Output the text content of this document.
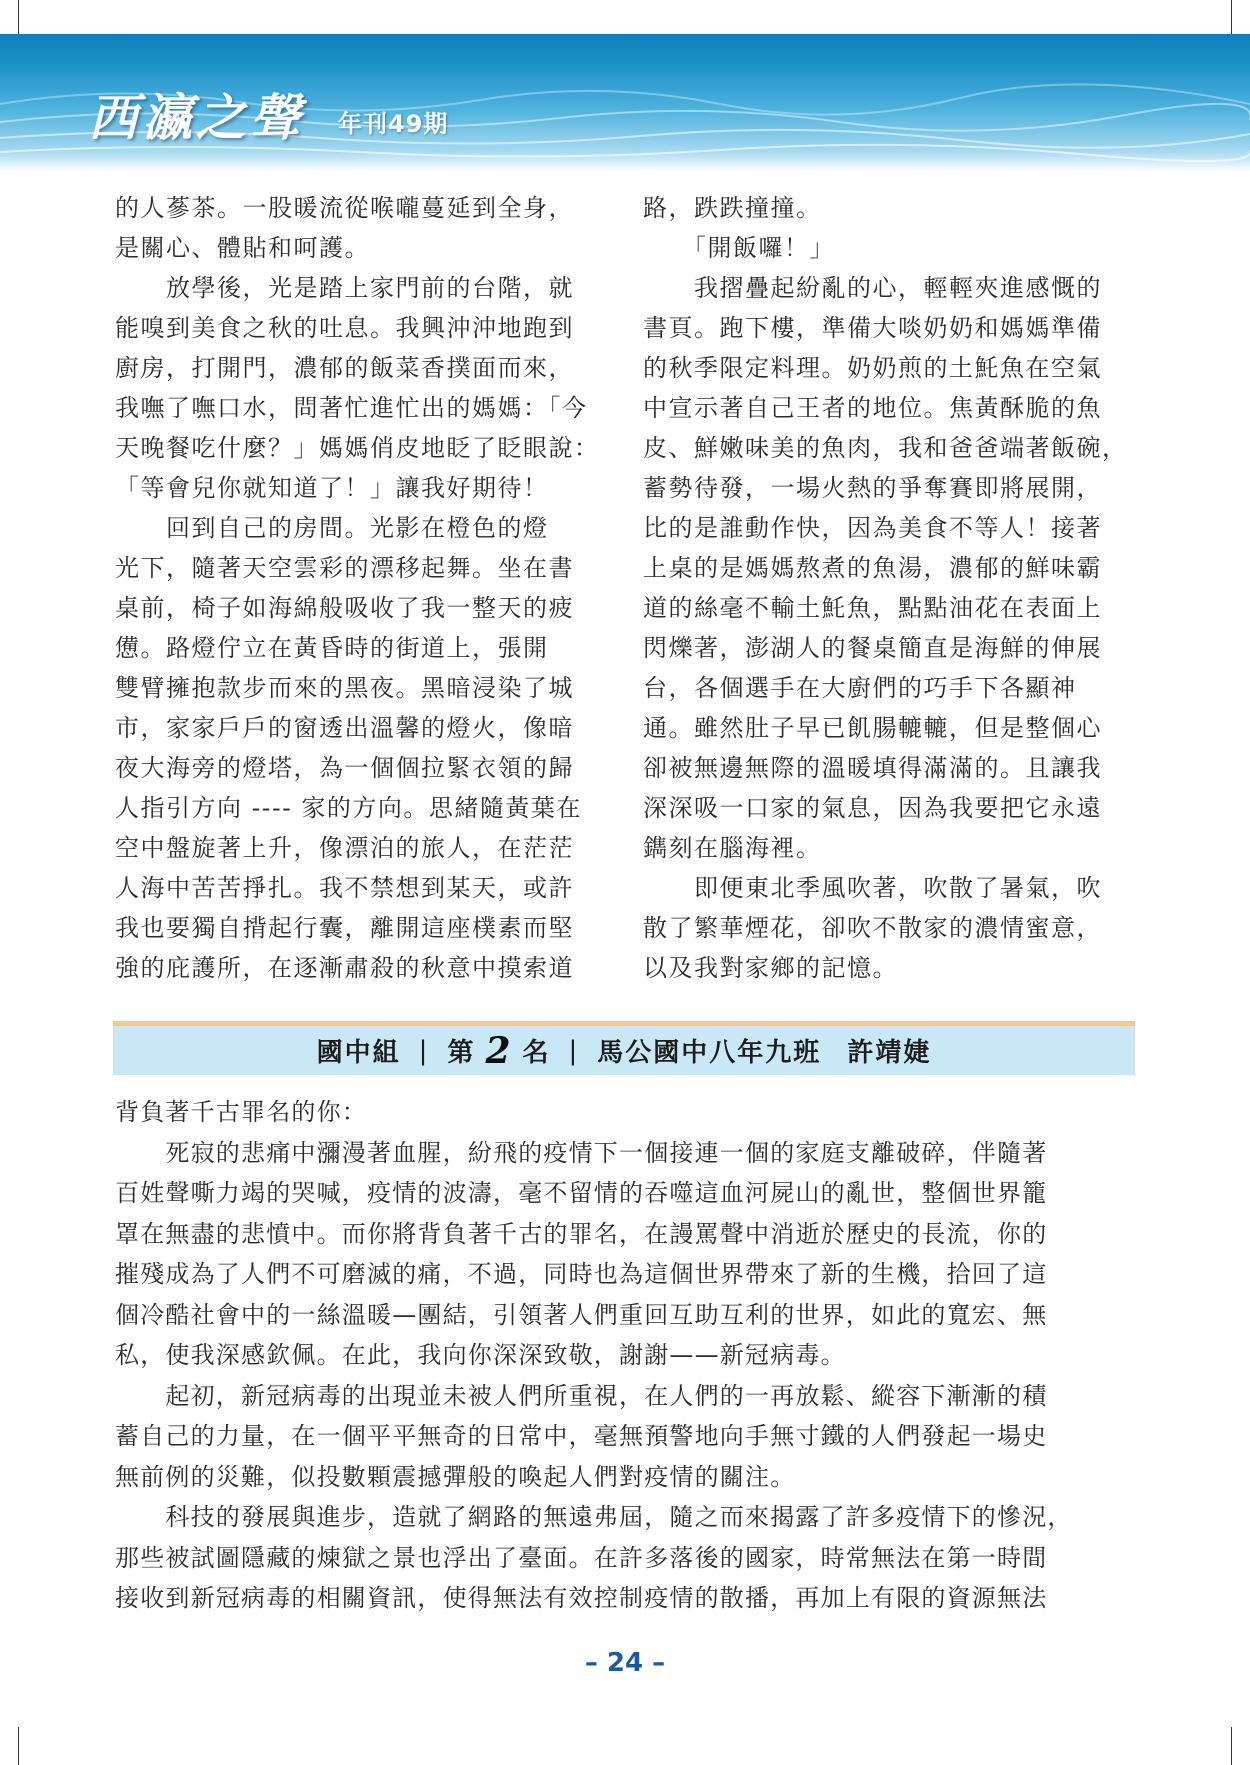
西瀛之聲 年刊49期

的人蔘茶。一股暖流從喉嚨蔓延到全身，
是關心、體貼和呵護。

　　放學後，光是踏上家門前的台階，就
能嗅到美食之秋的吐息。我興沖沖地跑到
廚房，打開門，濃郁的飯菜香撲面而來，
我嘸了嘸口水，問著忙進忙出的媽媽：「今
天晚餐吃什麼？」媽媽俏皮地眨了眨眼說：
「等會兒你就知道了！」讓我好期待！

　　回到自己的房間。光影在橙色的燈
光下，隨著天空雲彩的漂移起舞。坐在書
桌前，椅子如海綿般吸收了我一整天的疲
憊。路燈佇立在黃昏時的街道上，張開
雙臂擁抱款步而來的黑夜。黑暗浸染了城
市，家家戶戶的窗透出溫馨的燈火，像暗
夜大海旁的燈塔，為一個個拉緊衣領的歸
人指引方向 ---- 家的方向。思緒隨黃葉在
空中盤旋著上升，像漂泊的旅人，在茫茫
人海中苦苦掙扎。我不禁想到某天，或許
我也要獨自揹起行囊，離開這座樸素而堅
強的庇護所，在逐漸肅殺的秋意中摸索道

路，跌跌撞撞。

　　「開飯囉！」

　　我摺疊起紛亂的心，輕輕夾進感慨的
書頁。跑下樓，準備大啖奶奶和媽媽準備
的秋季限定料理。奶奶煎的土魠魚在空氣
中宣示著自己王者的地位。焦黃酥脆的魚
皮、鮮嫩味美的魚肉，我和爸爸端著飯碗，
蓄勢待發，一場火熱的爭奪賽即將展開，
比的是誰動作快，因為美食不等人！接著
上桌的是媽媽熬煮的魚湯，濃郁的鮮味霸
道的絲毫不輸土魠魚，點點油花在表面上
閃爍著，澎湖人的餐桌簡直是海鮮的伸展
台，各個選手在大廚們的巧手下各顯神
通。雖然肚子早已飢腸轆轆，但是整個心
卻被無邊無際的溫暖填得滿滿的。且讓我
深深吸一口家的氣息，因為我要把它永遠
鐫刻在腦海裡。

　　即便東北季風吹著，吹散了暑氣，吹
散了繁華煙花，卻吹不散家的濃情蜜意，
以及我對家鄉的記憶。

國中組 | 第 2 名 | 馬公國中八年九班 許靖婕

背負著千古罪名的你：

　　死寂的悲痛中瀰漫著血腥，紛飛的疫情下一個接連一個的家庭支離破碎，伴隨著
百姓聲嘶力竭的哭喊，疫情的波濤，毫不留情的吞噬這血河屍山的亂世，整個世界籠
罩在無盡的悲憤中。而你將背負著千古的罪名，在謾罵聲中消逝於歷史的長流，你的
摧殘成為了人們不可磨滅的痛，不過，同時也為這個世界帶來了新的生機，拾回了這
個冷酷社會中的一絲溫暖—團結，引領著人們重回互助互利的世界，如此的寬宏、無
私，使我深感欽佩。在此，我向你深深致敬，謝謝——新冠病毒。

　　起初，新冠病毒的出現並未被人們所重視，在人們的一再放鬆、縱容下漸漸的積
蓄自己的力量，在一個平平無奇的日常中，毫無預警地向手無寸鐵的人們發起一場史
無前例的災難，似投數顆震撼彈般的喚起人們對疫情的關注。

　　科技的發展與進步，造就了網路的無遠弗屆，隨之而來揭露了許多疫情下的慘況，
那些被試圖隱藏的煉獄之景也浮出了臺面。在許多落後的國家，時常無法在第一時間
接收到新冠病毒的相關資訊，使得無法有效控制疫情的散播，再加上有限的資源無法

– 24 –
